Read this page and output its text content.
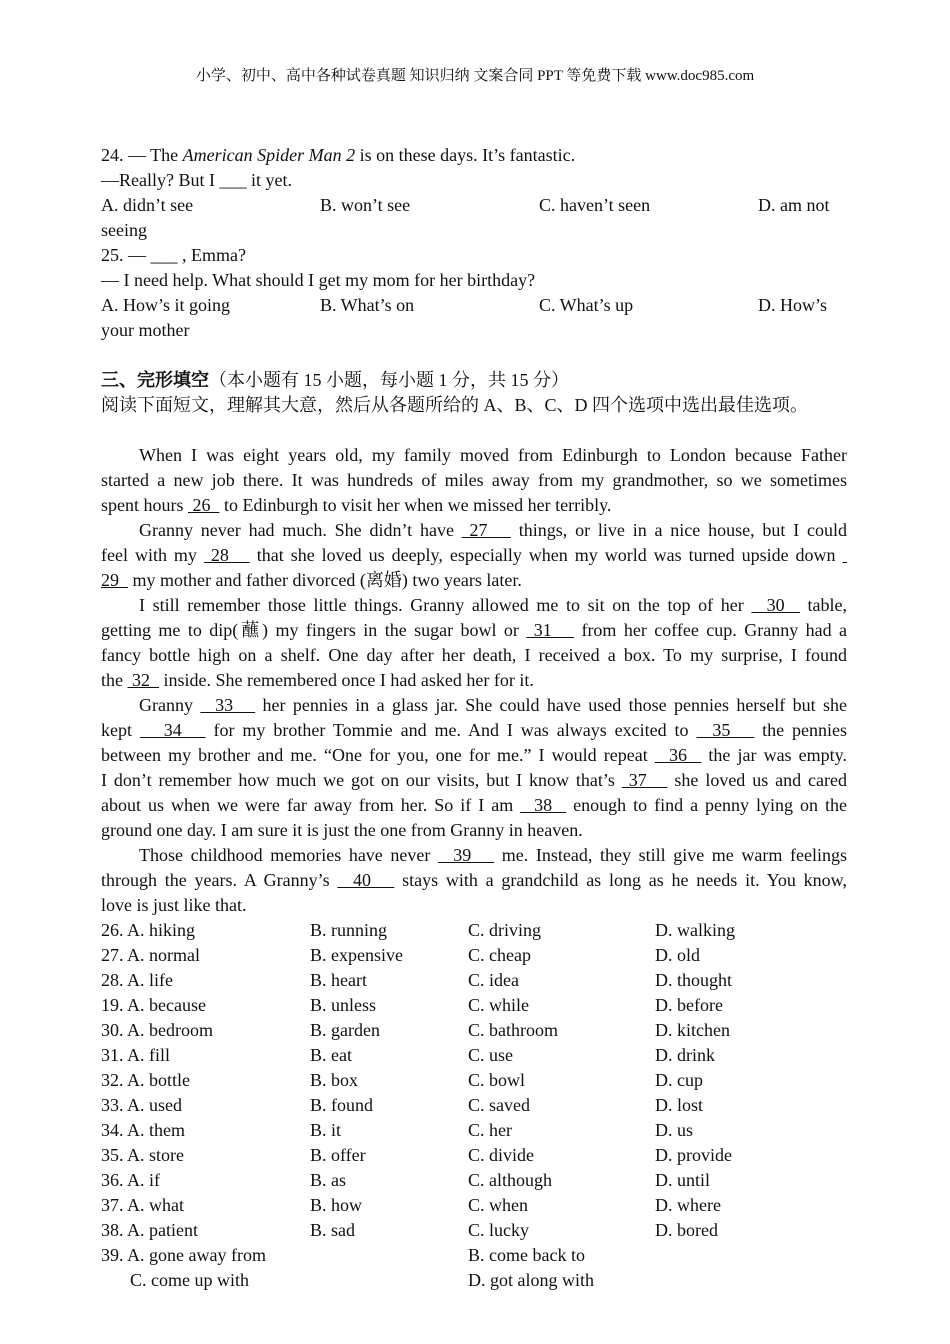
小学、初中、高中各种试卷真题 知识归纳 文案合同 PPT 等免费下载 www.doc985.com
24. — The American Spider Man 2 is on these days. It’s fantastic.
—Really? But I ___ it yet.
A. didn’t see	B. won’t see	C. haven’t seen	D. am not
seeing
25. — ___ , Emma?
— I need help. What should I get my mom for her birthday?
A. How’s it going	B. What’s on	C. What’s up	D. How’s
your mother
三、完形填空（本小题有 15 小题，每小题 1 分，共 15 分）
阅读下面短文，理解其大意，然后从各题所给的 A、B、C、D 四个选项中选出最佳选项。
When I was eight years old, my family moved from Edinburgh to London because Father
started a new job there. It was hundreds of miles away from my grandmother, so we sometimes
spent hours  26   to Edinburgh to visit her when we missed her terribly.
Granny never had much. She didn’t have  27    things, or live in a nice house, but I could
feel with my  28    that she loved us deeply, especially when my world was turned upside down
29   my mother and father divorced (离婚) two years later.
I still remember those little things. Granny allowed me to sit on the top of her   30   table,
getting me to dip(蘸) my fingers in the sugar bowl or  31    from her coffee cup. Granny had a
fancy bottle high on a shelf. One day after her death, I received a box. To my surprise, I found
the  32   inside. She remembered once I had asked her for it.
Granny   33    her pennies in a glass jar. She could have used those pennies herself but she
kept    34    for my brother Tommie and me. And I was always excited to   35    the pennies
between my brother and me. “One for you, one for me.” I would repeat   36   the jar was empty.
I don’t remember how much we got on our visits, but I know that’s  37    she loved us and cared
about us when we were far away from her. So if I am   38   enough to find a penny lying on the
ground one day. I am sure it is just the one from Granny in heaven.
Those childhood memories have never   39    me. Instead, they still give me warm feelings
through the years. A Granny’s   40    stays with a grandchild as long as he needs it. You know,
love is just like that.
26. A. hiking	B. running	C. driving	D. walking
27. A. normal	B. expensive	C. cheap	D. old
28. A. life	B. heart	C. idea	D. thought
19. A. because	B. unless	C. while	D. before
30. A. bedroom	B. garden	C. bathroom	D. kitchen
31. A. fill	B. eat	C. use	D. drink
32. A. bottle	B. box	C. bowl	D. cup
33. A. used	B. found	C. saved	D. lost
34. A. them	B. it	C. her	D. us
35. A. store	B. offer	C. divide	D. provide
36. A. if	B. as	C. although	D. until
37. A. what	B. how	C. when	D. where
38. A. patient	B. sad	C. lucky	D. bored
39. A. gone away from	B. come back to
C. come up with	D. got along with
